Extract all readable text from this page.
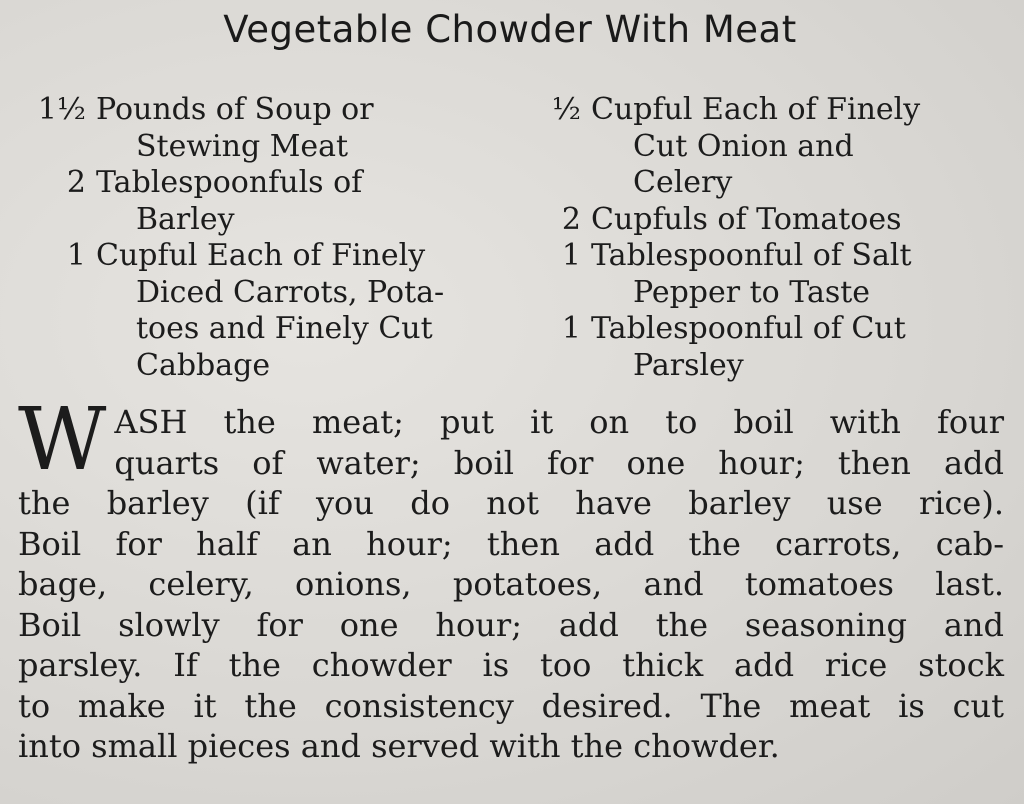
Vegetable Chowder With Meat
1½ Pounds of Soup or
Stewing Meat
2 Tablespoonfuls of
Barley
1 Cupful Each of Finely
Diced Carrots, Pota-
toes and Finely Cut
Cabbage
½ Cupful Each of Finely
Cut Onion and
Celery
2 Cupfuls of Tomatoes
1 Tablespoonful of Salt
Pepper to Taste
1 Tablespoonful of Cut
Parsley
W ASH the meat; put it on to boil with four
quarts of water; boil for one hour; then add
the barley (if you do not have barley use rice).
Boil for half an hour; then add the carrots, cab-
bage, celery, onions, potatoes, and tomatoes last.
Boil slowly for one hour; add the seasoning and
parsley. If the chowder is too thick add rice stock
to make it the consistency desired. The meat is cut
into small pieces and served with the chowder.
